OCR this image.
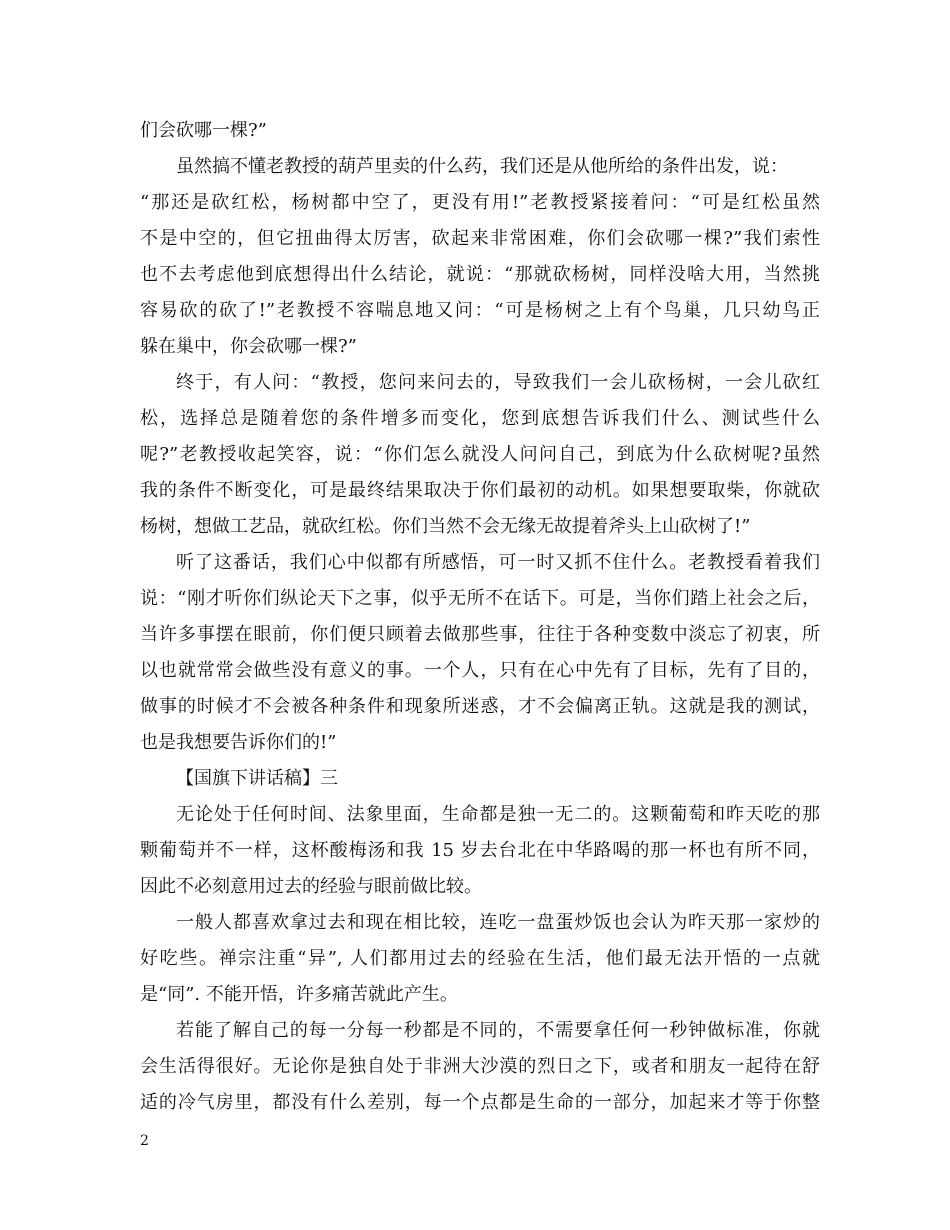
们会砍哪一棵?”
虽然搞不懂老教授的葫芦里卖的什么药，我们还是从他所给的条件出发，说：
“那还是砍红松，杨树都中空了，更没有用!”老教授紧接着问：“可是红松虽然
不是中空的，但它扭曲得太厉害，砍起来非常困难，你们会砍哪一棵?”我们索性
也不去考虑他到底想得出什么结论，就说：“那就砍杨树，同样没啥大用，当然挑
容易砍的砍了!”老教授不容喘息地又问：“可是杨树之上有个鸟巢，几只幼鸟正
躲在巢中，你会砍哪一棵?”
终于，有人问：“教授，您问来问去的，导致我们一会儿砍杨树，一会儿砍红
松，选择总是随着您的条件增多而变化，您到底想告诉我们什么、测试些什么
呢?”老教授收起笑容，说：“你们怎么就没人问问自己，到底为什么砍树呢?虽然
我的条件不断变化，可是最终结果取决于你们最初的动机。如果想要取柴，你就砍
杨树，想做工艺品，就砍红松。你们当然不会无缘无故提着斧头上山砍树了!”
听了这番话，我们心中似都有所感悟，可一时又抓不住什么。老教授看着我们
说：“刚才听你们纵论天下之事，似乎无所不在话下。可是，当你们踏上社会之后，
当许多事摆在眼前，你们便只顾着去做那些事，往往于各种变数中淡忘了初衷，所
以也就常常会做些没有意义的事。一个人，只有在心中先有了目标，先有了目的，
做事的时候才不会被各种条件和现象所迷惑，才不会偏离正轨。这就是我的测试，
也是我想要告诉你们的!”
【国旗下讲话稿】三
无论处于任何时间、法象里面，生命都是独一无二的。这颗葡萄和昨天吃的那
颗葡萄并不一样，这杯酸梅汤和我 15 岁去台北在中华路喝的那一杯也有所不同，
因此不必刻意用过去的经验与眼前做比较。
一般人都喜欢拿过去和现在相比较，连吃一盘蛋炒饭也会认为昨天那一家炒的
好吃些。禅宗注重“异”, 人们都用过去的经验在生活，他们最无法开悟的一点就
是“同”. 不能开悟，许多痛苦就此产生。
若能了解自己的每一分每一秒都是不同的，不需要拿任何一秒钟做标准，你就
会生活得很好。无论你是独自处于非洲大沙漠的烈日之下，或者和朋友一起待在舒
适的冷气房里，都没有什么差别，每一个点都是生命的一部分，加起来才等于你整
2
